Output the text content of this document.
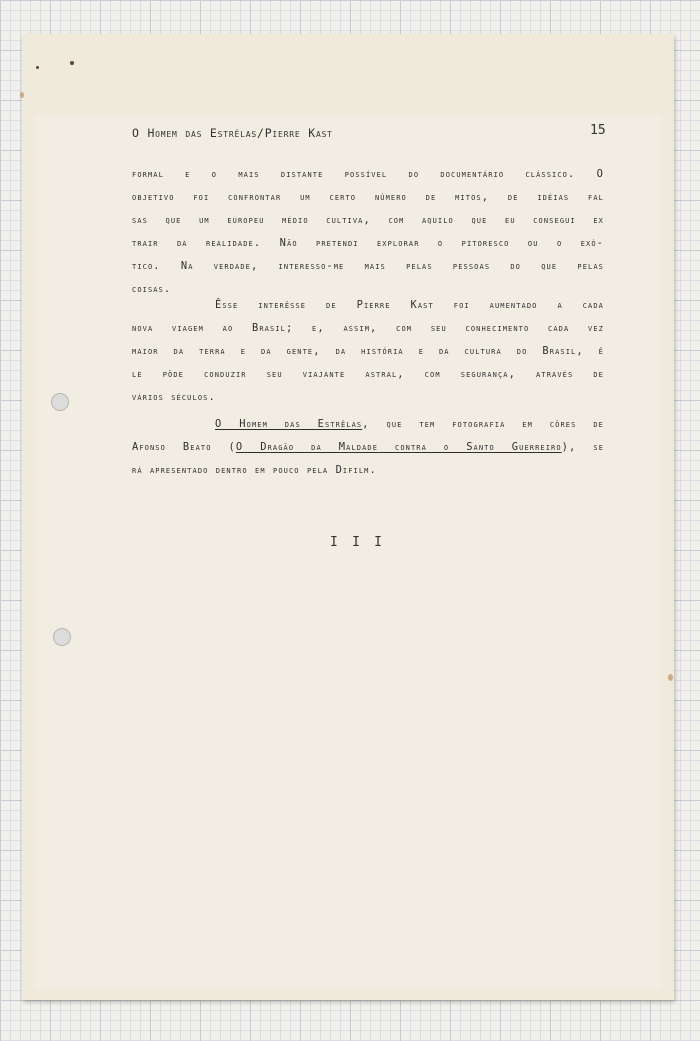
O Homem das Estrêlas/Pierre Kast	15
formal e o mais distante possível do documentário clássico. O
objetivo foi confrontar um certo número de mitos, de idéias fal
sas que um europeu médio cultiva, com aquilo que eu consegui ex
trair da realidade. Não pretendi explorar o pitoresco ou o exó-
tico. Na verdade, interesso-me mais pelas pessoas do que pelas
coisas.
Êsse interêsse de Pierre Kast foi aumentado a cada
nova viagem ao Brasil; e, assim, com seu conhecimento cada vez
maior da terra e da gente, da história e da cultura do Brasil, ê
le pôde conduzir seu viajante astral, com segurança, através de
vários séculos.
O Homem das Estrêlas, que tem fotografia em côres de
Afonso Beato (O Dragão da Maldade contra o Santo Guerreiro), se
rá apresentado dentro em pouco pela Difilm.
I I I
